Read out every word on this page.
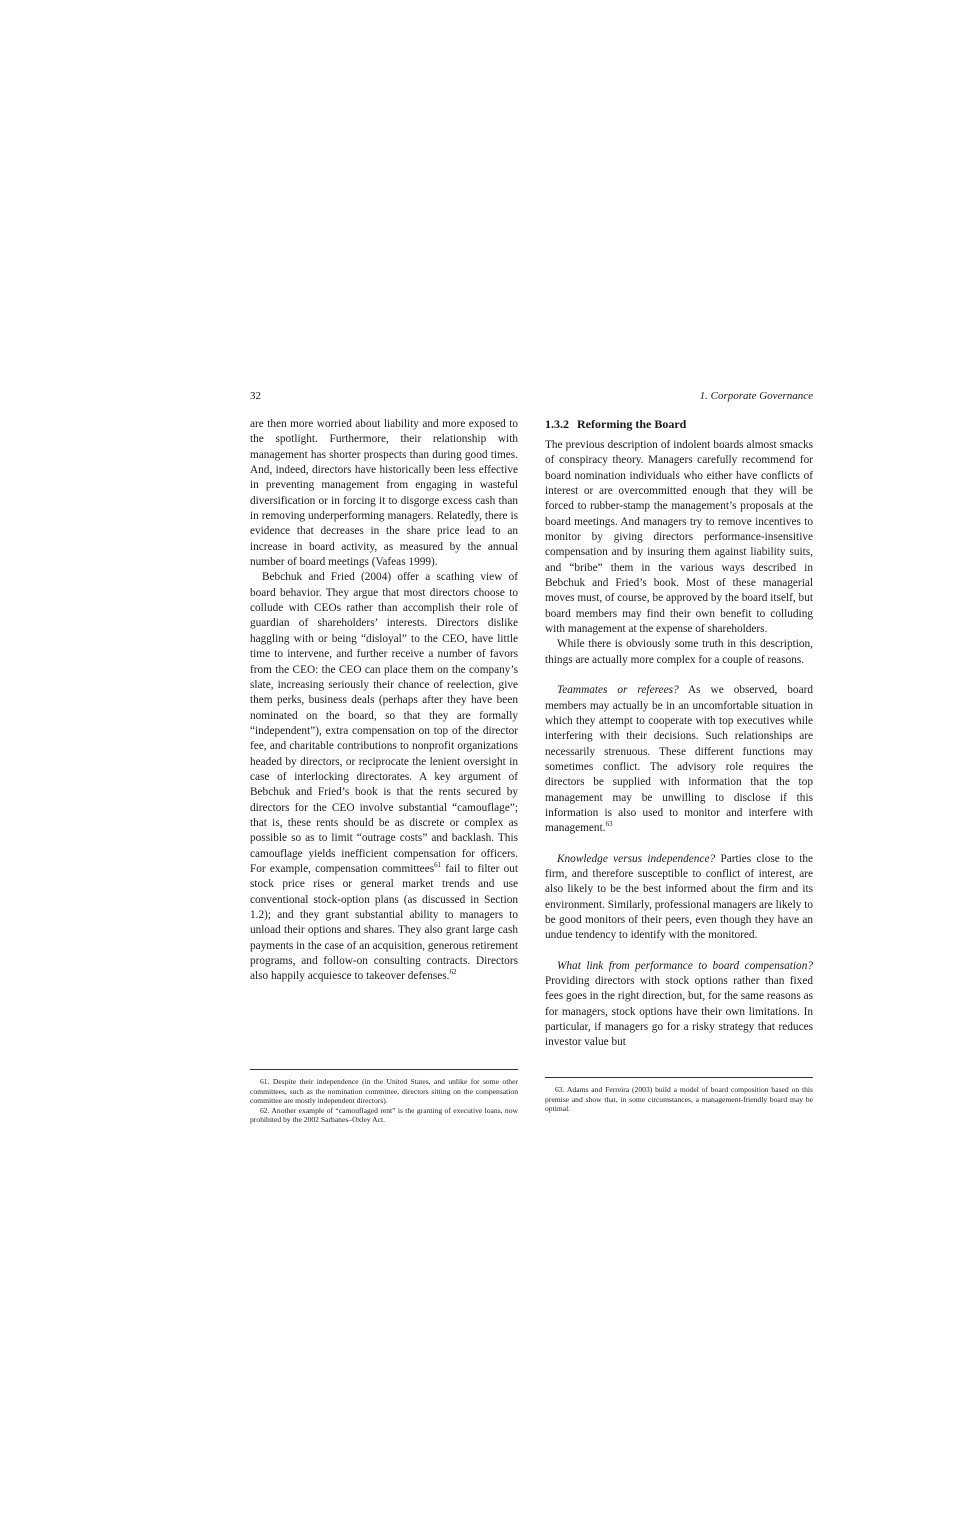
32	1. Corporate Governance

are then more worried about liability and more exposed to the spotlight. Furthermore, their relationship with management has shorter prospects than during good times. And, indeed, directors have historically been less effective in preventing management from engaging in wasteful diversification or in forcing it to disgorge excess cash than in removing underperforming managers. Relatedly, there is evidence that decreases in the share price lead to an increase in board activity, as measured by the annual number of board meetings (Vafeas 1999).

Bebchuk and Fried (2004) offer a scathing view of board behavior. They argue that most directors choose to collude with CEOs rather than accomplish their role of guardian of shareholders’ interests. Directors dislike haggling with or being “disloyal” to the CEO, have little time to intervene, and further receive a number of favors from the CEO: the CEO can place them on the company’s slate, increasing seriously their chance of reelection, give them perks, business deals (perhaps after they have been nominated on the board, so that they are formally “independent”), extra compensation on top of the director fee, and charitable contributions to nonprofit organizations headed by directors, or reciprocate the lenient oversight in case of interlocking directorates. A key argument of Bebchuk and Fried’s book is that the rents secured by directors for the CEO involve substantial “camouflage”; that is, these rents should be as discrete or complex as possible so as to limit “outrage costs” and backlash. This camouflage yields inefficient compensation for officers. For example, compensation committees$^{61}$ fail to filter out stock price rises or general market trends and use conventional stock-option plans (as discussed in Section 1.2); and they grant substantial ability to managers to unload their options and shares. They also grant large cash payments in the case of an acquisition, generous retirement programs, and follow-on consulting contracts. Directors also happily acquiesce to takeover defenses.$^{62}$

61. Despite their independence (in the United States, and unlike for some other committees, such as the nomination committee, directors sitting on the compensation committee are mostly independent directors).

62. Another example of “camouflaged rent” is the granting of executive loans, now prohibited by the 2002 Sarbanes–Oxley Act.

1.3.2 Reforming the Board

The previous description of indolent boards almost smacks of conspiracy theory. Managers carefully recommend for board nomination individuals who either have conflicts of interest or are overcommitted enough that they will be forced to rubber-stamp the management’s proposals at the board meetings. And managers try to remove incentives to monitor by giving directors performance-insensitive compensation and by insuring them against liability suits, and “bribe” them in the various ways described in Bebchuk and Fried’s book. Most of these managerial moves must, of course, be approved by the board itself, but board members may find their own benefit to colluding with management at the expense of shareholders.

While there is obviously some truth in this description, things are actually more complex for a couple of reasons.

Teammates or referees? As we observed, board members may actually be in an uncomfortable situation in which they attempt to cooperate with top executives while interfering with their decisions. Such relationships are necessarily strenuous. These different functions may sometimes conflict. The advisory role requires the directors be supplied with information that the top management may be unwilling to disclose if this information is also used to monitor and interfere with management.$^{63}$

Knowledge versus independence? Parties close to the firm, and therefore susceptible to conflict of interest, are also likely to be the best informed about the firm and its environment. Similarly, professional managers are likely to be good monitors of their peers, even though they have an undue tendency to identify with the monitored.

What link from performance to board compensation? Providing directors with stock options rather than fixed fees goes in the right direction, but, for the same reasons as for managers, stock options have their own limitations. In particular, if managers go for a risky strategy that reduces investor value but

63. Adams and Ferreira (2003) build a model of board composition based on this premise and show that, in some circumstances, a management-friendly board may be optimal.
